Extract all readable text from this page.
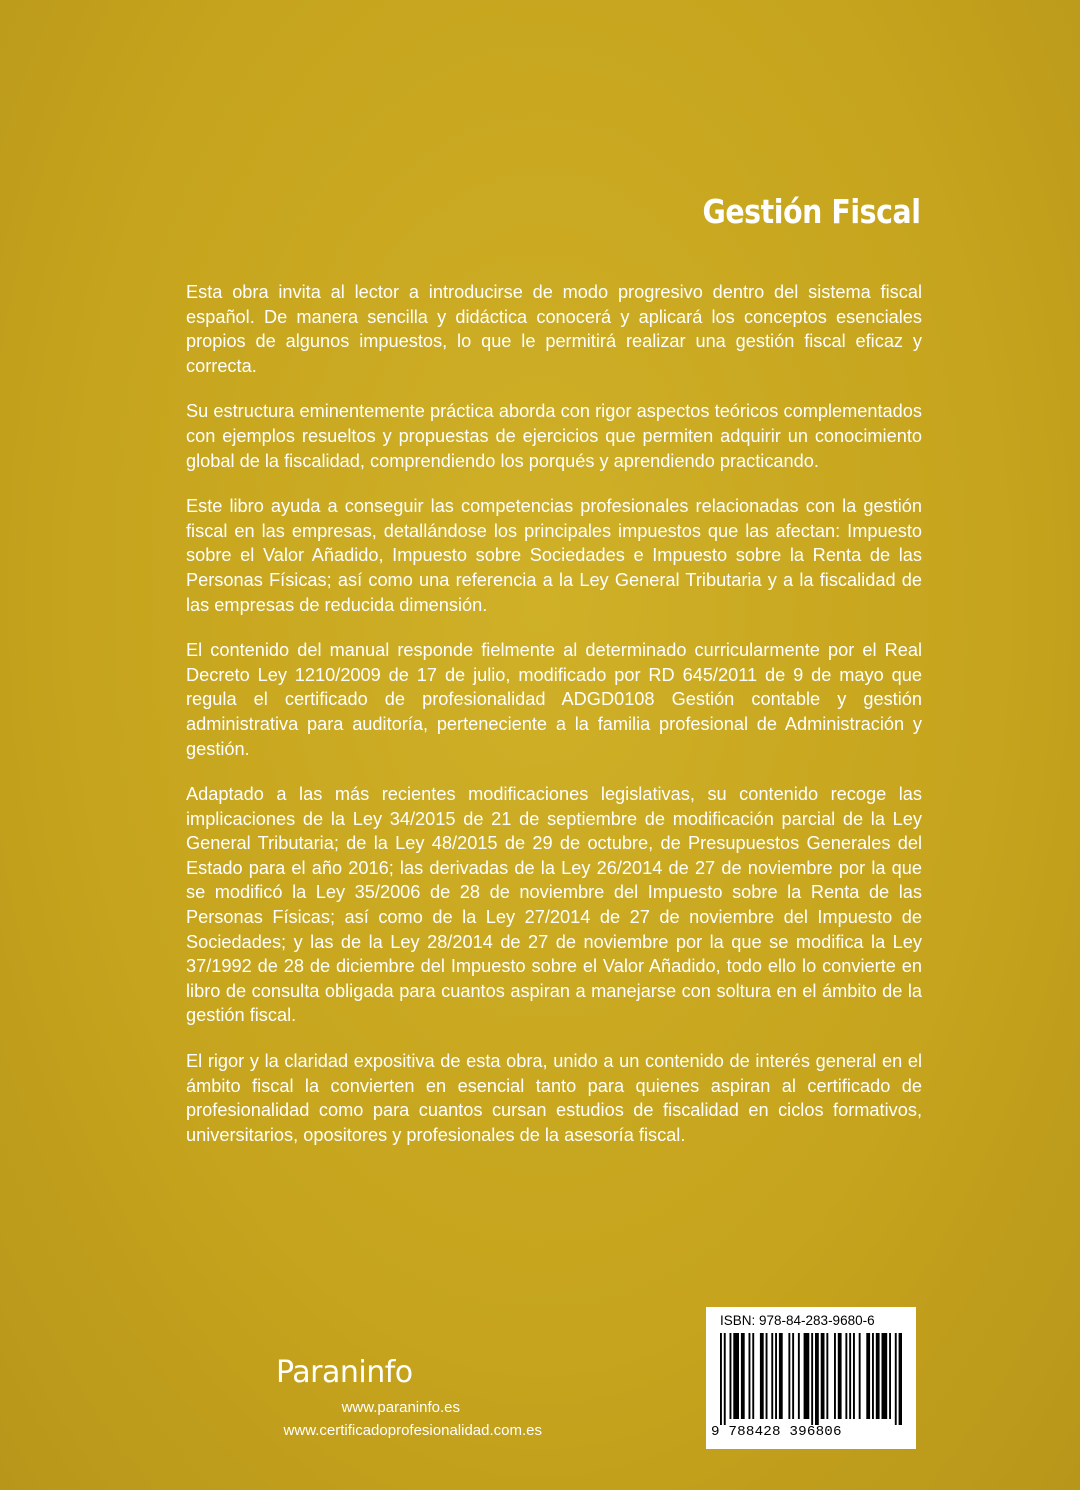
Gestión Fiscal

Esta obra invita al lector a introducirse de modo progresivo dentro del sistema fiscal español. De manera sencilla y didáctica conocerá y aplicará los conceptos esenciales propios de algunos impuestos, lo que le permitirá realizar una gestión fiscal eficaz y correcta.

Su estructura eminentemente práctica aborda con rigor aspectos teóricos complementados con ejemplos resueltos y propuestas de ejercicios que permiten adquirir un conocimiento global de la fiscalidad, comprendiendo los porqués y aprendiendo practicando.

Este libro ayuda a conseguir las competencias profesionales relacionadas con la gestión fiscal en las empresas, detallándose los principales impuestos que las afectan: Impuesto sobre el Valor Añadido, Impuesto sobre Sociedades e Impuesto sobre la Renta de las Personas Físicas; así como una referencia a la Ley General Tributaria y a la fiscalidad de las empresas de reducida dimensión.

El contenido del manual responde fielmente al determinado curricularmente por el Real Decreto Ley 1210/2009 de 17 de julio, modificado por RD 645/2011 de 9 de mayo que regula el certificado de profesionalidad ADGD0108 Gestión contable y gestión administrativa para auditoría, perteneciente a la familia profesional de Administración y gestión.

Adaptado a las más recientes modificaciones legislativas, su contenido recoge las implicaciones de la Ley 34/2015 de 21 de septiembre de modificación parcial de la Ley General Tributaria; de la Ley 48/2015 de 29 de octubre, de Presupuestos Generales del Estado para el año 2016; las derivadas de la Ley 26/2014 de 27 de noviembre por la que se modificó la Ley 35/2006 de 28 de noviembre del Impuesto sobre la Renta de las Personas Físicas; así como de la Ley 27/2014 de 27 de noviembre del Impuesto de Sociedades; y las de la Ley 28/2014 de 27 de noviembre por la que se modifica la Ley 37/1992 de 28 de diciembre del Impuesto sobre el Valor Añadido, todo ello lo convierte en libro de consulta obligada para cuantos aspiran a manejarse con soltura en el ámbito de la gestión fiscal.

El rigor y la claridad expositiva de esta obra, unido a un contenido de interés general en el ámbito fiscal la convierten en esencial tanto para quienes aspiran al certificado de profesionalidad como para cuantos cursan estudios de fiscalidad en ciclos formativos, universitarios, opositores y profesionales de la asesoría fiscal.

Paraninfo

www.paraninfo.es

www.certificadoprofesionalidad.com.es

ISBN: 978-84-283-9680-6

9 788428 396806
